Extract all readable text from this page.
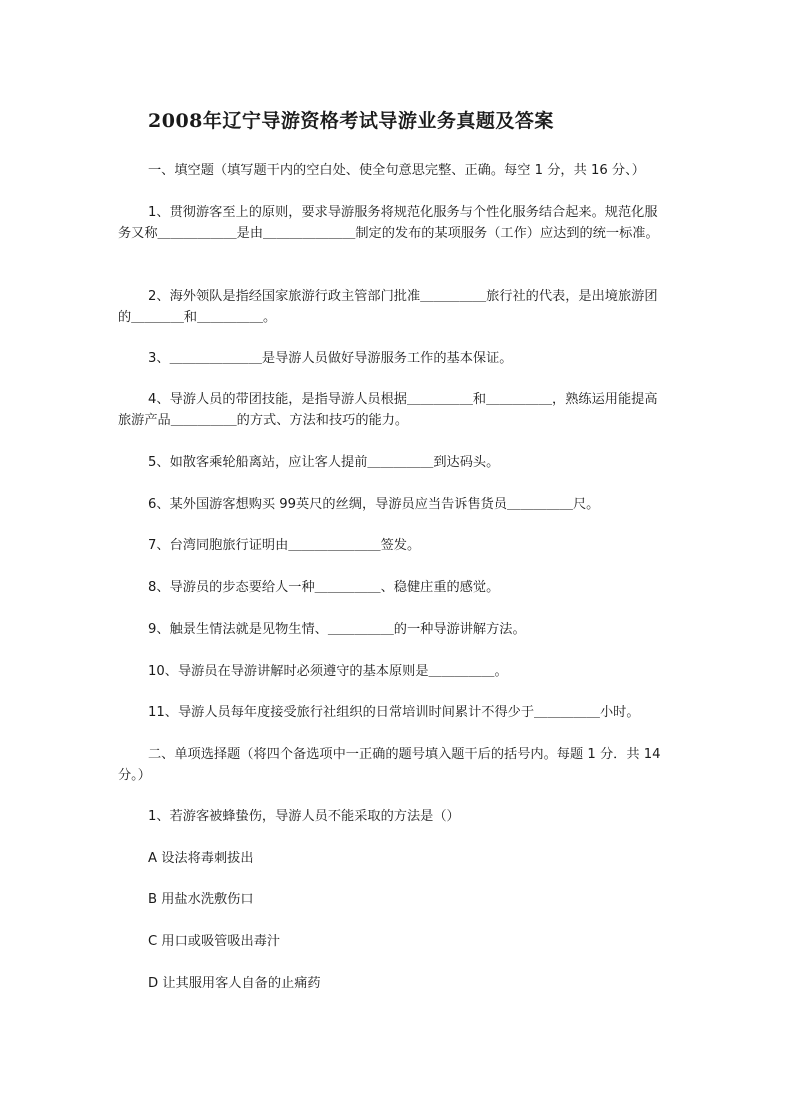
2008年辽宁导游资格考试导游业务真题及答案

一、填空题（填写题干内的空白处、使全句意思完整、正确。每空 1 分，共 16 分、）

1、贯彻游客至上的原则，要求导游服务将规范化服务与个性化服务结合起来。规范化服务又称＿＿＿＿＿＿是由＿＿＿＿＿＿＿制定的发布的某项服务（工作）应达到的统一标准。

2、海外领队是指经国家旅游行政主管部门批准＿＿＿＿＿旅行社的代表，是出境旅游团的＿＿＿＿和＿＿＿＿＿。

3、＿＿＿＿＿＿＿是导游人员做好导游服务工作的基本保证。

4、导游人员的带团技能，是指导游人员根据＿＿＿＿＿和＿＿＿＿＿，熟练运用能提高旅游产品＿＿＿＿＿的方式、方法和技巧的能力。

5、如散客乘轮船离站，应让客人提前＿＿＿＿＿到达码头。

6、某外国游客想购买 99英尺的丝绸，导游员应当告诉售货员＿＿＿＿＿尺。

7、台湾同胞旅行证明由＿＿＿＿＿＿＿签发。

8、导游员的步态要给人一种＿＿＿＿＿、稳健庄重的感觉。

9、触景生情法就是见物生情、＿＿＿＿＿的一种导游讲解方法。

10、导游员在导游讲解时必须遵守的基本原则是＿＿＿＿＿。

11、导游人员每年度接受旅行社组织的日常培训时间累计不得少于＿＿＿＿＿小时。

二、单项选择题（将四个备选项中一正确的题号填入题干后的括号内。每题 1 分．共 14 分。）

1、若游客被蜂蛰伤，导游人员不能采取的方法是（）

A 设法将毒刺拔出

B 用盐水洗敷伤口

C 用口或吸管吸出毒汁

D 让其服用客人自备的止痛药
